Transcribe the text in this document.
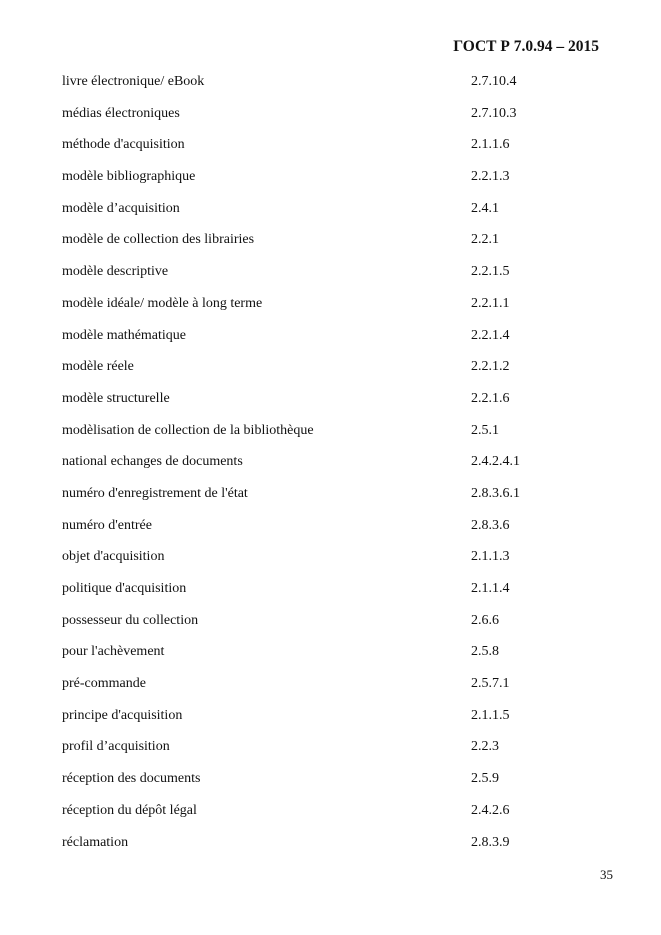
ГОСТ Р 7.0.94 – 2015
livre électronique/ eBook	2.7.10.4
médias électroniques	2.7.10.3
méthode d'acquisition	2.1.1.6
modèle bibliographique	2.2.1.3
modèle d’acquisition	2.4.1
modèle de collection des librairies	2.2.1
modèle descriptive	2.2.1.5
modèle idéale/ modèle à long terme	2.2.1.1
modèle mathématique	2.2.1.4
modèle réele	2.2.1.2
modèle structurelle	2.2.1.6
modèlisation de collection de la bibliothèque	2.5.1
national echanges de documents	2.4.2.4.1
numéro d'enregistrement de l'état	2.8.3.6.1
numéro d'entrée	2.8.3.6
objet d'acquisition	2.1.1.3
politique d'acquisition	2.1.1.4
possesseur du collection	2.6.6
pour l'achèvement	2.5.8
pré-commande	2.5.7.1
principe d'acquisition	2.1.1.5
profil d’acquisition	2.2.3
réception des documents	2.5.9
réception du dépôt légal	2.4.2.6
réclamation	2.8.3.9
35
